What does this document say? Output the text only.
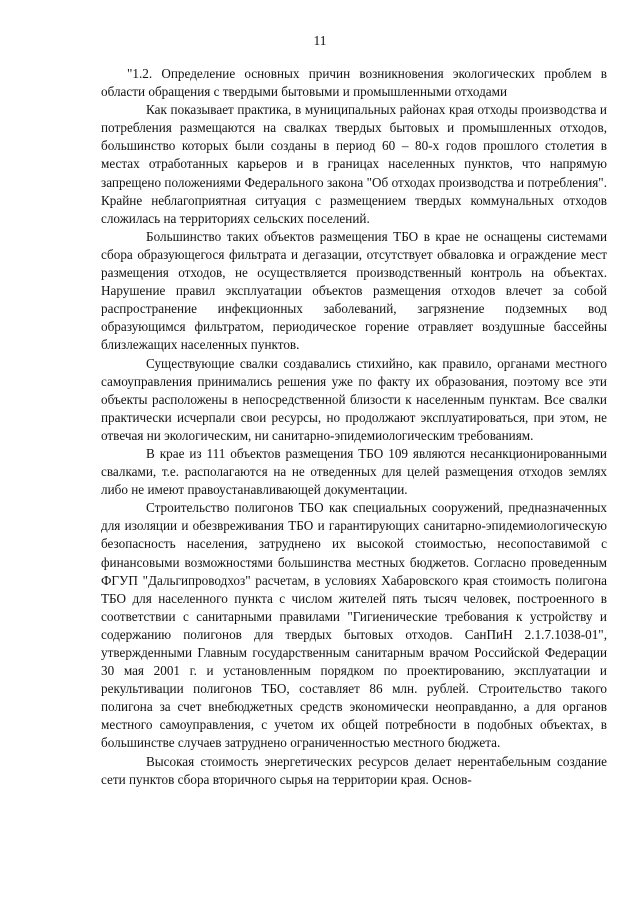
11

"1.2. Определение основных причин возникновения экологических проблем в области обращения с твердыми бытовыми и промышленными отходами

Как показывает практика, в муниципальных районах края отходы производства и потребления размещаются на свалках твердых бытовых и промышленных отходов, большинство которых были созданы в период 60 – 80-х годов прошлого столетия в местах отработанных карьеров и в границах населенных пунктов, что напрямую запрещено положениями Федерального закона "Об отходах производства и потребления". Крайне неблагоприятная ситуация с размещением твердых коммунальных отходов сложилась на территориях сельских поселений.

Большинство таких объектов размещения ТБО в крае не оснащены системами сбора образующегося фильтрата и дегазации, отсутствует обваловка и ограждение мест размещения отходов, не осуществляется производственный контроль на объектах. Нарушение правил эксплуатации объектов размещения отходов влечет за собой распространение инфекционных заболеваний, загрязнение подземных вод образующимся фильтратом, периодическое горение отравляет воздушные бассейны близлежащих населенных пунктов.

Существующие свалки создавались стихийно, как правило, органами местного самоуправления принимались решения уже по факту их образования, поэтому все эти объекты расположены в непосредственной близости к населенным пунктам. Все свалки практически исчерпали свои ресурсы, но продолжают эксплуатироваться, при этом, не отвечая ни экологическим, ни санитарно-эпидемиологическим требованиям.

В крае из 111 объектов размещения ТБО 109 являются несанкционированными свалками, т.е. располагаются на не отведенных для целей размещения отходов землях либо не имеют правоустанавливающей документации.

Строительство полигонов ТБО как специальных сооружений, предназначенных для изоляции и обезвреживания ТБО и гарантирующих санитарно-эпидемиологическую безопасность населения, затруднено их высокой стоимостью, несопоставимой с финансовыми возможностями большинства местных бюджетов. Согласно проведенным ФГУП "Дальгипроводхоз" расчетам, в условиях Хабаровского края стоимость полигона ТБО для населенного пункта с числом жителей пять тысяч человек, построенного в соответствии с санитарными правилами "Гигиенические требования к устройству и содержанию полигонов для твердых бытовых отходов. СанПиН 2.1.7.1038-01", утвержденными Главным государственным санитарным врачом Российской Федерации 30 мая 2001 г. и установленным порядком по проектированию, эксплуатации и рекультивации полигонов ТБО, составляет 86 млн. рублей. Строительство такого полигона за счет внебюджетных средств экономически неоправданно, а для органов местного самоуправления, с учетом их общей потребности в подобных объектах, в большинстве случаев затруднено ограниченностью местного бюджета.

Высокая стоимость энергетических ресурсов делает нерентабельным создание сети пунктов сбора вторичного сырья на территории края. Основ-
